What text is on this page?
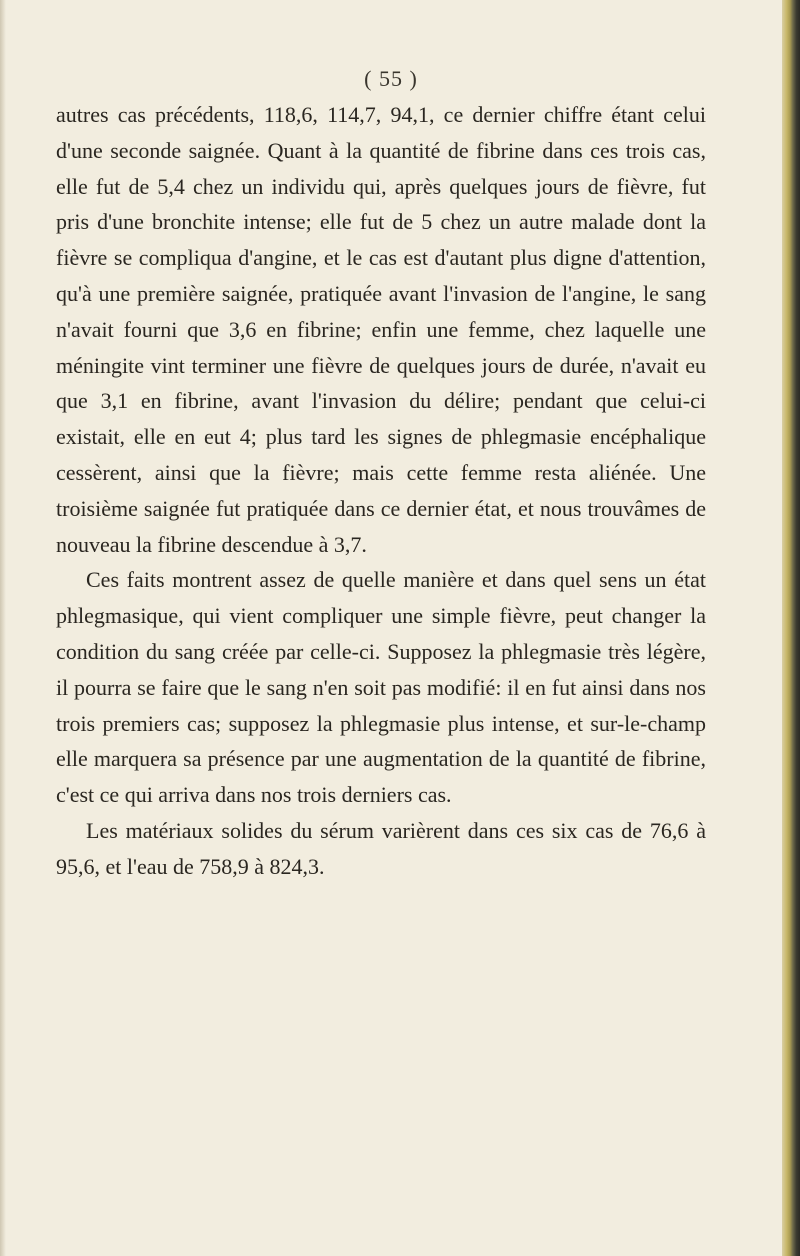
( 55 )

autres cas précédents, 118,6, 114,7, 94,1, ce dernier chiffre étant celui d'une seconde saignée. Quant à la quantité de fibrine dans ces trois cas, elle fut de 5,4 chez un individu qui, après quelques jours de fièvre, fut pris d'une bronchite intense; elle fut de 5 chez un autre malade dont la fièvre se compliqua d'angine, et le cas est d'autant plus digne d'attention, qu'à une première saignée, pratiquée avant l'invasion de l'angine, le sang n'avait fourni que 3,6 en fibrine; enfin une femme, chez laquelle une méningite vint terminer une fièvre de quelques jours de durée, n'avait eu que 3,1 en fibrine, avant l'invasion du délire; pendant que celui-ci existait, elle en eut 4; plus tard les signes de phlegmasie encéphalique cessèrent, ainsi que la fièvre; mais cette femme resta aliénée. Une troisième saignée fut pratiquée dans ce dernier état, et nous trouvâmes de nouveau la fibrine descendue à 3,7.

Ces faits montrent assez de quelle manière et dans quel sens un état phlegmasique, qui vient compliquer une simple fièvre, peut changer la condition du sang créée par celle-ci. Supposez la phlegmasie très légère, il pourra se faire que le sang n'en soit pas modifié: il en fut ainsi dans nos trois premiers cas; supposez la phlegmasie plus intense, et sur-le-champ elle marquera sa présence par une augmentation de la quantité de fibrine, c'est ce qui arriva dans nos trois derniers cas.

Les matériaux solides du sérum varièrent dans ces six cas de 76,6 à 95,6, et l'eau de 758,9 à 824,3.
